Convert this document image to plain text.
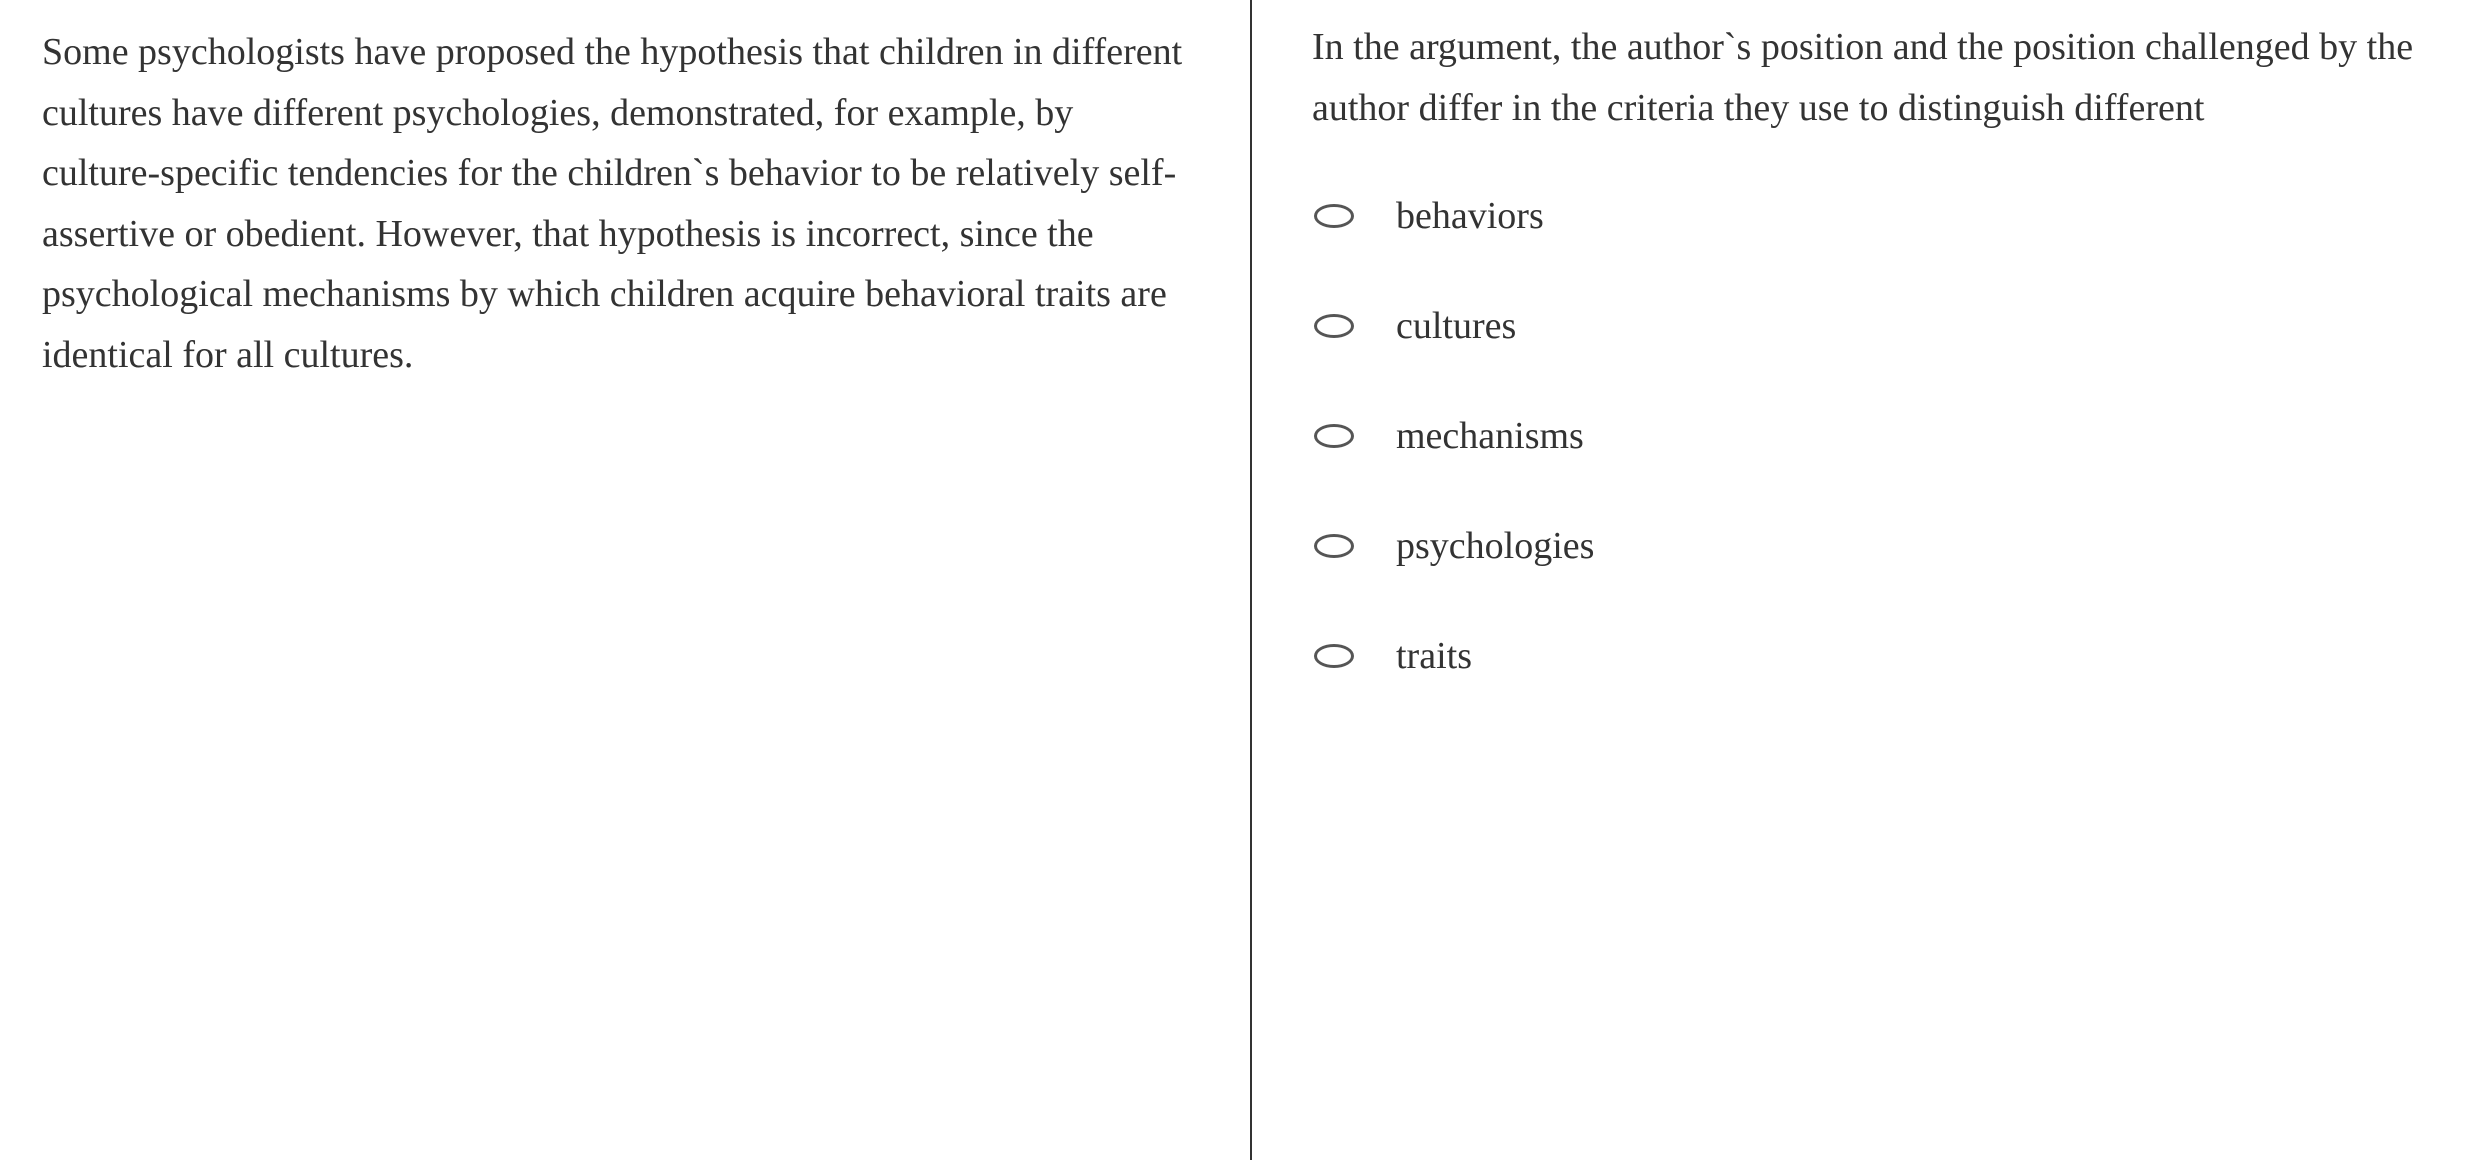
Some psychologists have proposed the hypothesis that children in different cultures have different psychologies, demonstrated, for example, by culture-specific tendencies for the children`s behavior to be relatively self-assertive or obedient. However, that hypothesis is incorrect, since the psychological mechanisms by which children acquire behavioral traits are identical for all cultures.

In the argument, the author`s position and the position challenged by the author differ in the criteria they use to distinguish different

behaviors
cultures
mechanisms
psychologies
traits
